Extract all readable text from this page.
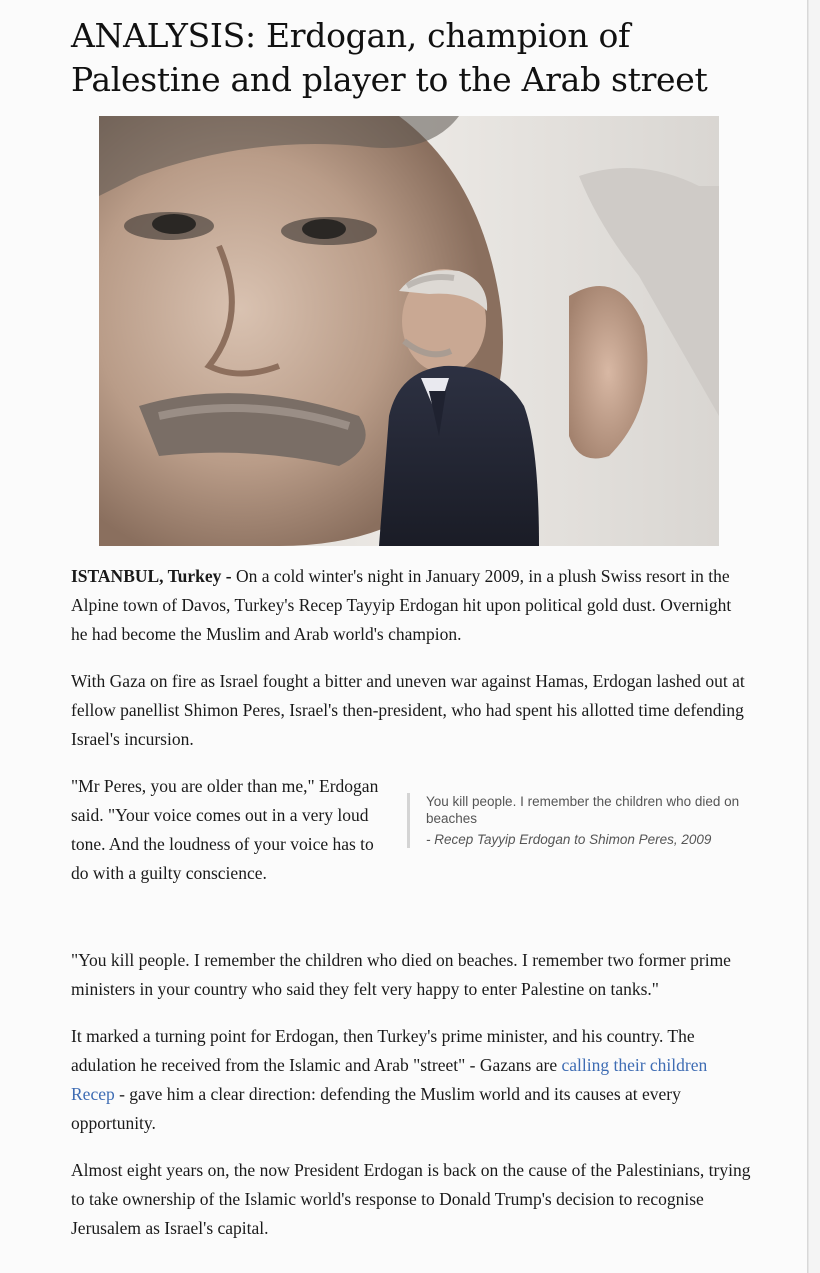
ANALYSIS: Erdogan, champion of Palestine and player to the Arab street

ISTANBUL, Turkey - On a cold winter's night in January 2009, in a plush Swiss resort in the Alpine town of Davos, Turkey's Recep Tayyip Erdogan hit upon political gold dust. Overnight he had become the Muslim and Arab world's champion.

With Gaza on fire as Israel fought a bitter and uneven war against Hamas, Erdogan lashed out at fellow panellist Shimon Peres, Israel's then-president, who had spent his allotted time defending Israel's incursion.

"Mr Peres, you are older than me," Erdogan said. "Your voice comes out in a very loud tone. And the loudness of your voice has to do with a guilty conscience.
You kill people. I remember the children who died on beaches
- Recep Tayyip Erdogan to Shimon Peres, 2009

"You kill people. I remember the children who died on beaches. I remember two former prime ministers in your country who said they felt very happy to enter Palestine on tanks."

It marked a turning point for Erdogan, then Turkey's prime minister, and his country. The adulation he received from the Islamic and Arab "street" - Gazans are calling their children Recep - gave him a clear direction: defending the Muslim world and its causes at every opportunity.

Almost eight years on, the now President Erdogan is back on the cause of the Palestinians, trying to take ownership of the Islamic world's response to Donald Trump's decision to recognise Jerusalem as Israel's capital.
